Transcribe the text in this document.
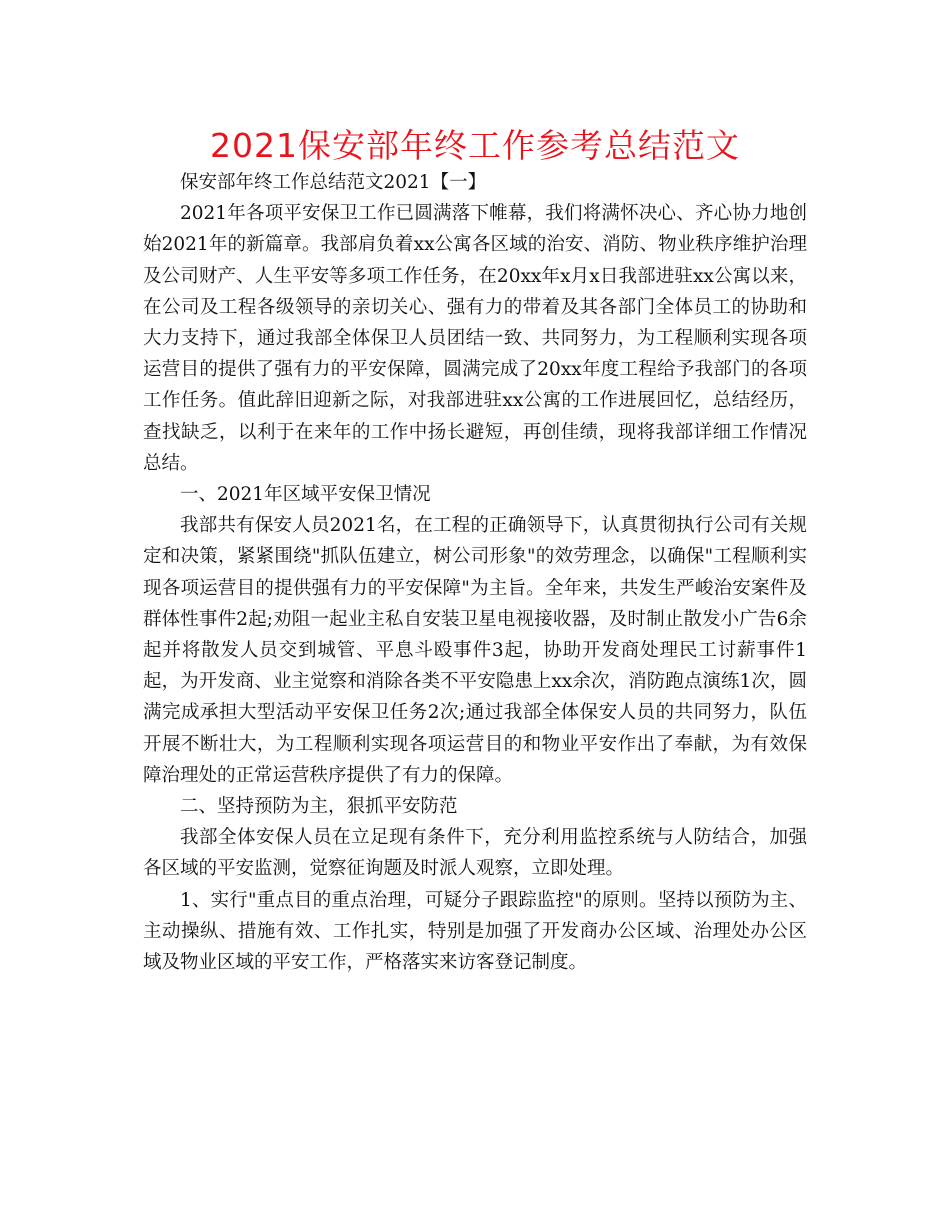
2021保安部年终工作参考总结范文

保安部年终工作总结范文2021【一】

2021年各项平安保卫工作已圆满落下帷幕，我们将满怀决心、齐心协力地创始2021年的新篇章。我部肩负着xx公寓各区域的治安、消防、物业秩序维护治理及公司财产、人生平安等多项工作任务，在20xx年x月x日我部进驻xx公寓以来，在公司及工程各级领导的亲切关心、强有力的带着及其各部门全体员工的协助和大力支持下，通过我部全体保卫人员团结一致、共同努力，为工程顺利实现各项运营目的提供了强有力的平安保障，圆满完成了20xx年度工程给予我部门的各项工作任务。值此辞旧迎新之际，对我部进驻xx公寓的工作进展回忆，总结经历，查找缺乏，以利于在来年的工作中扬长避短，再创佳绩，现将我部详细工作情况总结。

一、2021年区域平安保卫情况

我部共有保安人员2021名，在工程的正确领导下，认真贯彻执行公司有关规定和决策，紧紧围绕"抓队伍建立，树公司形象"的效劳理念，以确保"工程顺利实现各项运营目的提供强有力的平安保障"为主旨。全年来，共发生严峻治安案件及群体性事件2起;劝阻一起业主私自安装卫星电视接收器，及时制止散发小广告6余起并将散发人员交到城管、平息斗殴事件3起，协助开发商处理民工讨薪事件1起，为开发商、业主觉察和消除各类不平安隐患上xx余次，消防跑点演练1次，圆满完成承担大型活动平安保卫任务2次;通过我部全体保安人员的共同努力，队伍开展不断壮大，为工程顺利实现各项运营目的和物业平安作出了奉献，为有效保障治理处的正常运营秩序提供了有力的保障。

二、坚持预防为主，狠抓平安防范

我部全体安保人员在立足现有条件下，充分利用监控系统与人防结合，加强各区域的平安监测，觉察征询题及时派人观察，立即处理。

1、实行"重点目的重点治理，可疑分子跟踪监控"的原则。坚持以预防为主、主动操纵、措施有效、工作扎实，特别是加强了开发商办公区域、治理处办公区域及物业区域的平安工作，严格落实来访客登记制度。
